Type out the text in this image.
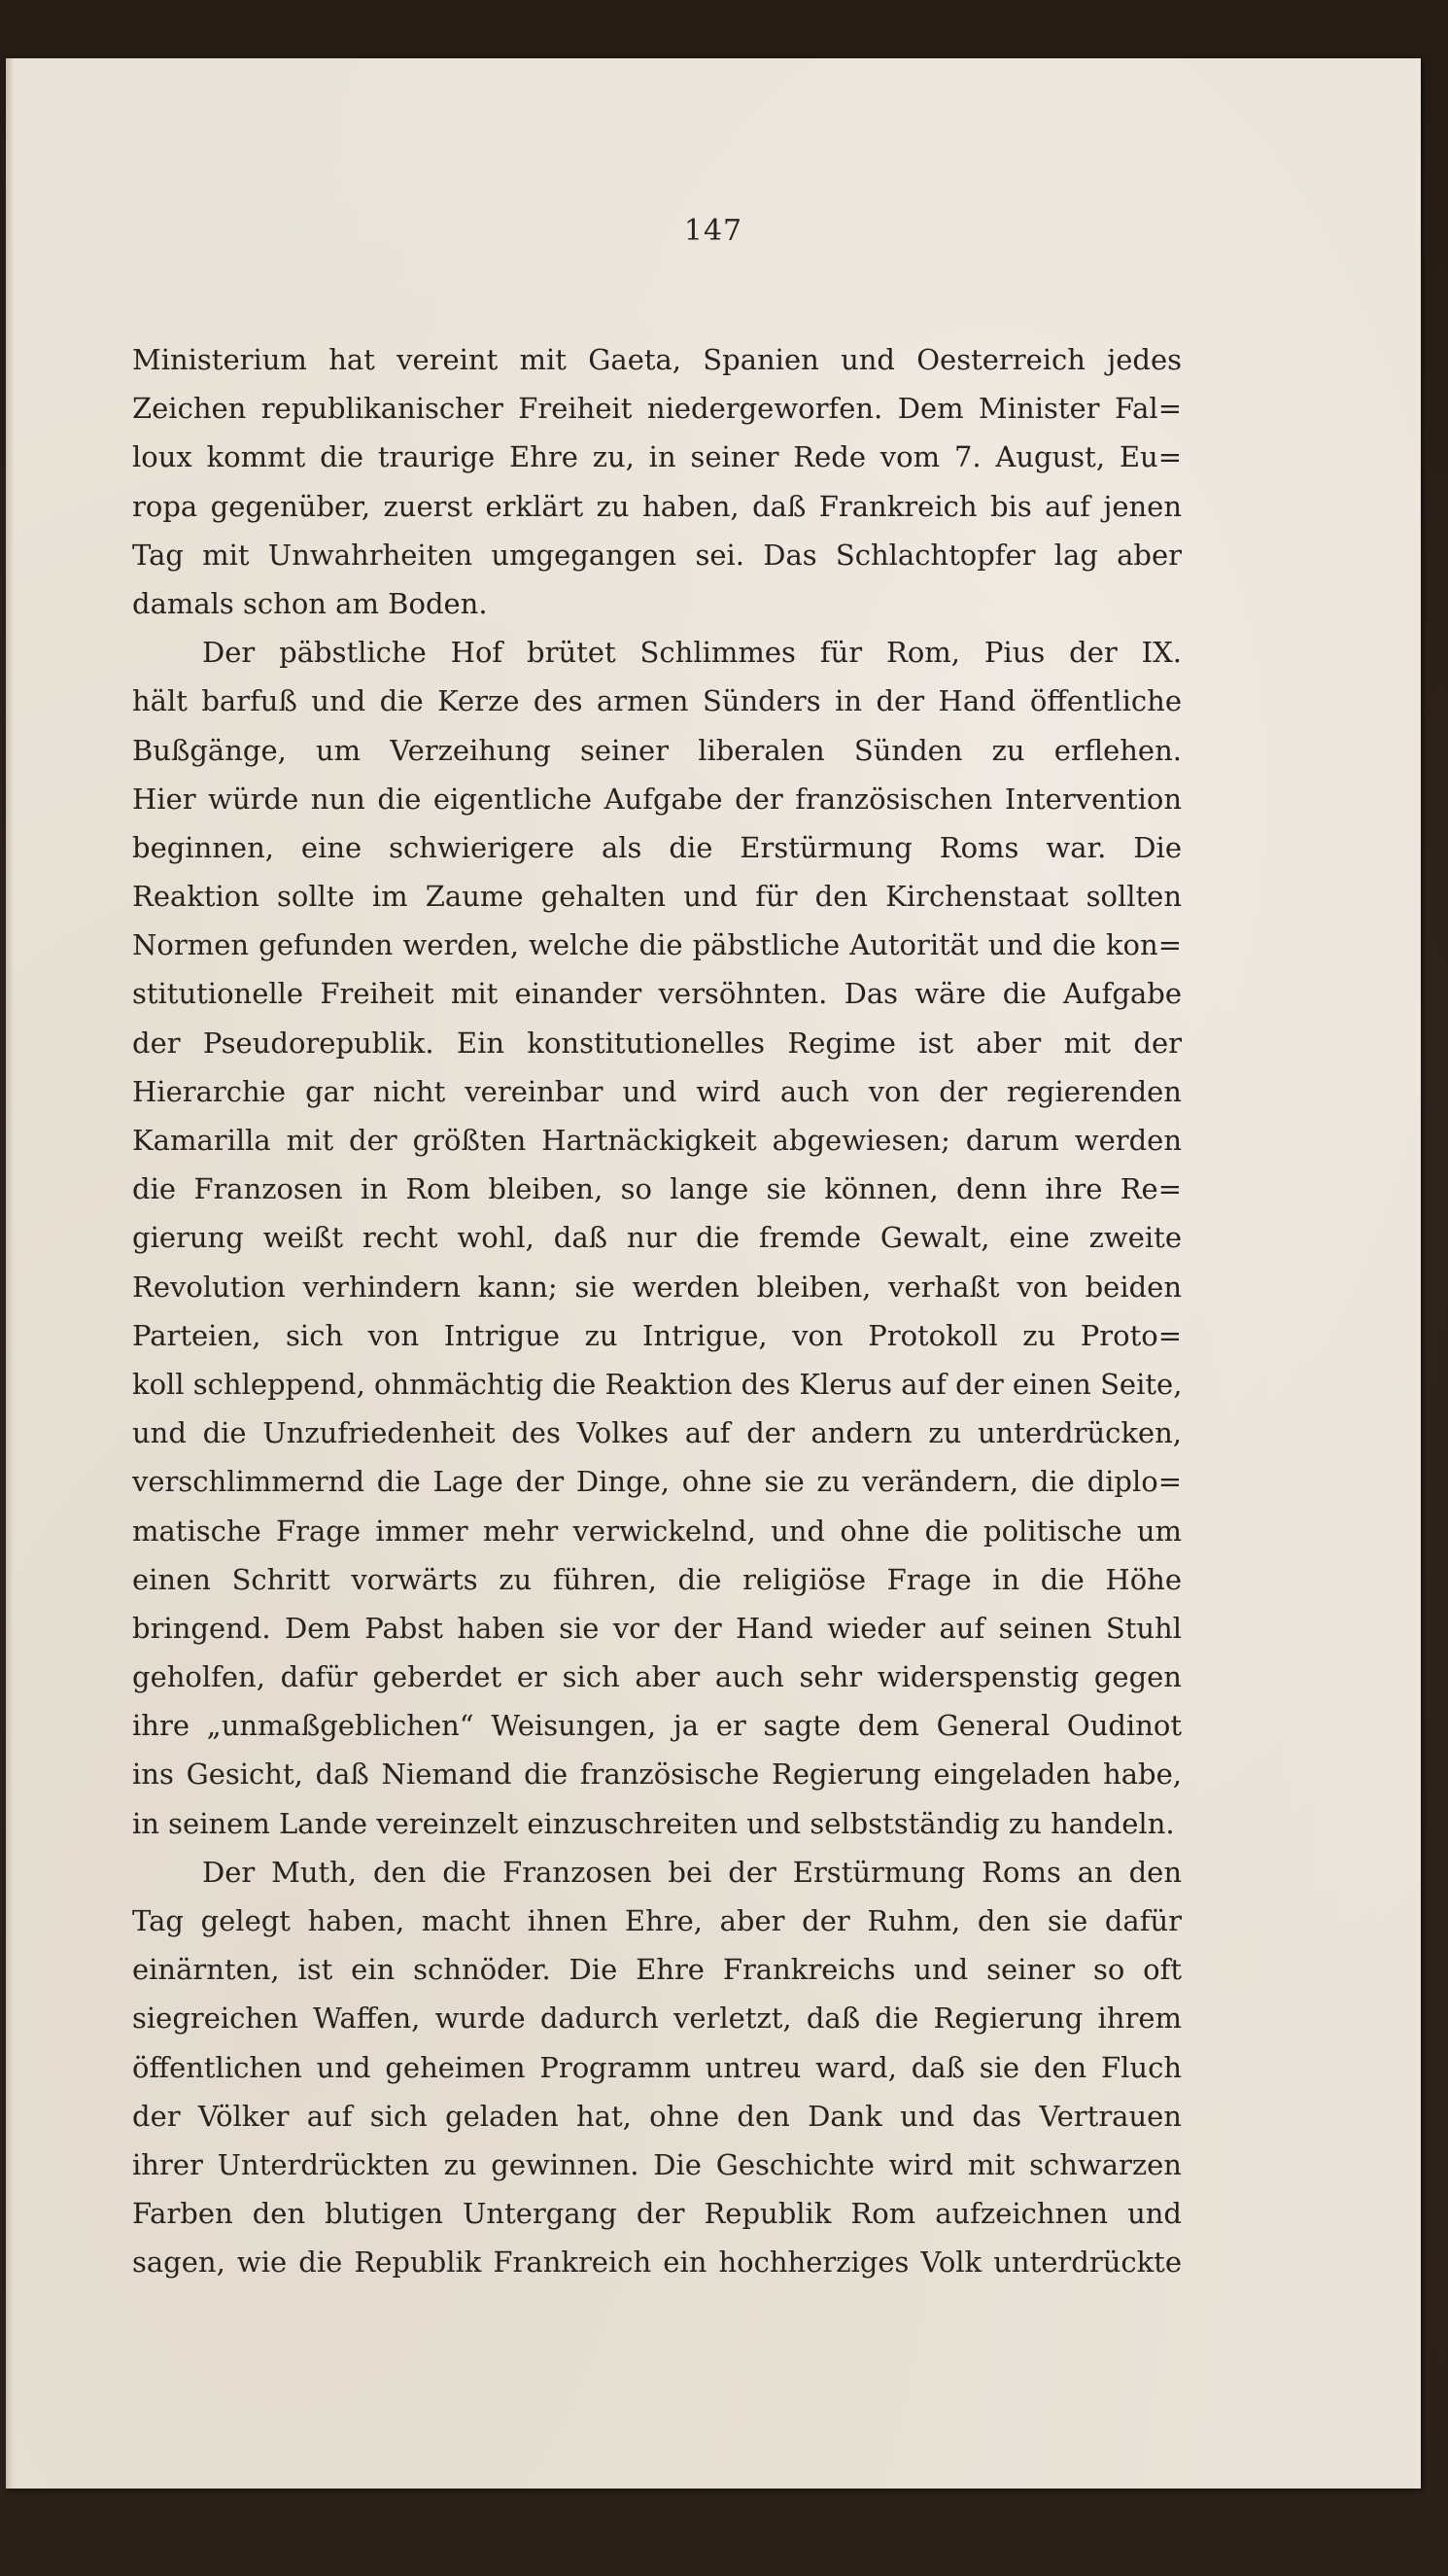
147
Ministerium hat vereint mit Gaeta, Spanien und Oesterreich jedes
Zeichen republikanischer Freiheit niedergeworfen. Dem Minister Fal=
loux kommt die traurige Ehre zu, in seiner Rede vom 7. August, Eu=
ropa gegenüber, zuerst erklärt zu haben, daß Frankreich bis auf jenen
Tag mit Unwahrheiten umgegangen sei. Das Schlachtopfer lag aber
damals schon am Boden.
Der päbstliche Hof brütet Schlimmes für Rom, Pius der IX.
hält barfuß und die Kerze des armen Sünders in der Hand öffentliche
Bußgänge, um Verzeihung seiner liberalen Sünden zu erflehen.
Hier würde nun die eigentliche Aufgabe der französischen Intervention
beginnen, eine schwierigere als die Erstürmung Roms war. Die
Reaktion sollte im Zaume gehalten und für den Kirchenstaat sollten
Normen gefunden werden, welche die päbstliche Autorität und die kon=
stitutionelle Freiheit mit einander versöhnten. Das wäre die Aufgabe
der Pseudorepublik. Ein konstitutionelles Regime ist aber mit der
Hierarchie gar nicht vereinbar und wird auch von der regierenden
Kamarilla mit der größten Hartnäckigkeit abgewiesen; darum werden
die Franzosen in Rom bleiben, so lange sie können, denn ihre Re=
gierung weißt recht wohl, daß nur die fremde Gewalt, eine zweite
Revolution verhindern kann; sie werden bleiben, verhaßt von beiden
Parteien, sich von Intrigue zu Intrigue, von Protokoll zu Proto=
koll schleppend, ohnmächtig die Reaktion des Klerus auf der einen Seite,
und die Unzufriedenheit des Volkes auf der andern zu unterdrücken,
verschlimmernd die Lage der Dinge, ohne sie zu verändern, die diplo=
matische Frage immer mehr verwickelnd, und ohne die politische um
einen Schritt vorwärts zu führen, die religiöse Frage in die Höhe
bringend. Dem Pabst haben sie vor der Hand wieder auf seinen Stuhl
geholfen, dafür geberdet er sich aber auch sehr widerspenstig gegen
ihre „unmaßgeblichen“ Weisungen, ja er sagte dem General Oudinot
ins Gesicht, daß Niemand die französische Regierung eingeladen habe,
in seinem Lande vereinzelt einzuschreiten und selbstständig zu handeln.
Der Muth, den die Franzosen bei der Erstürmung Roms an den
Tag gelegt haben, macht ihnen Ehre, aber der Ruhm, den sie dafür
einärnten, ist ein schnöder. Die Ehre Frankreichs und seiner so oft
siegreichen Waffen, wurde dadurch verletzt, daß die Regierung ihrem
öffentlichen und geheimen Programm untreu ward, daß sie den Fluch
der Völker auf sich geladen hat, ohne den Dank und das Vertrauen
ihrer Unterdrückten zu gewinnen. Die Geschichte wird mit schwarzen
Farben den blutigen Untergang der Republik Rom aufzeichnen und
sagen, wie die Republik Frankreich ein hochherziges Volk unterdrückte
